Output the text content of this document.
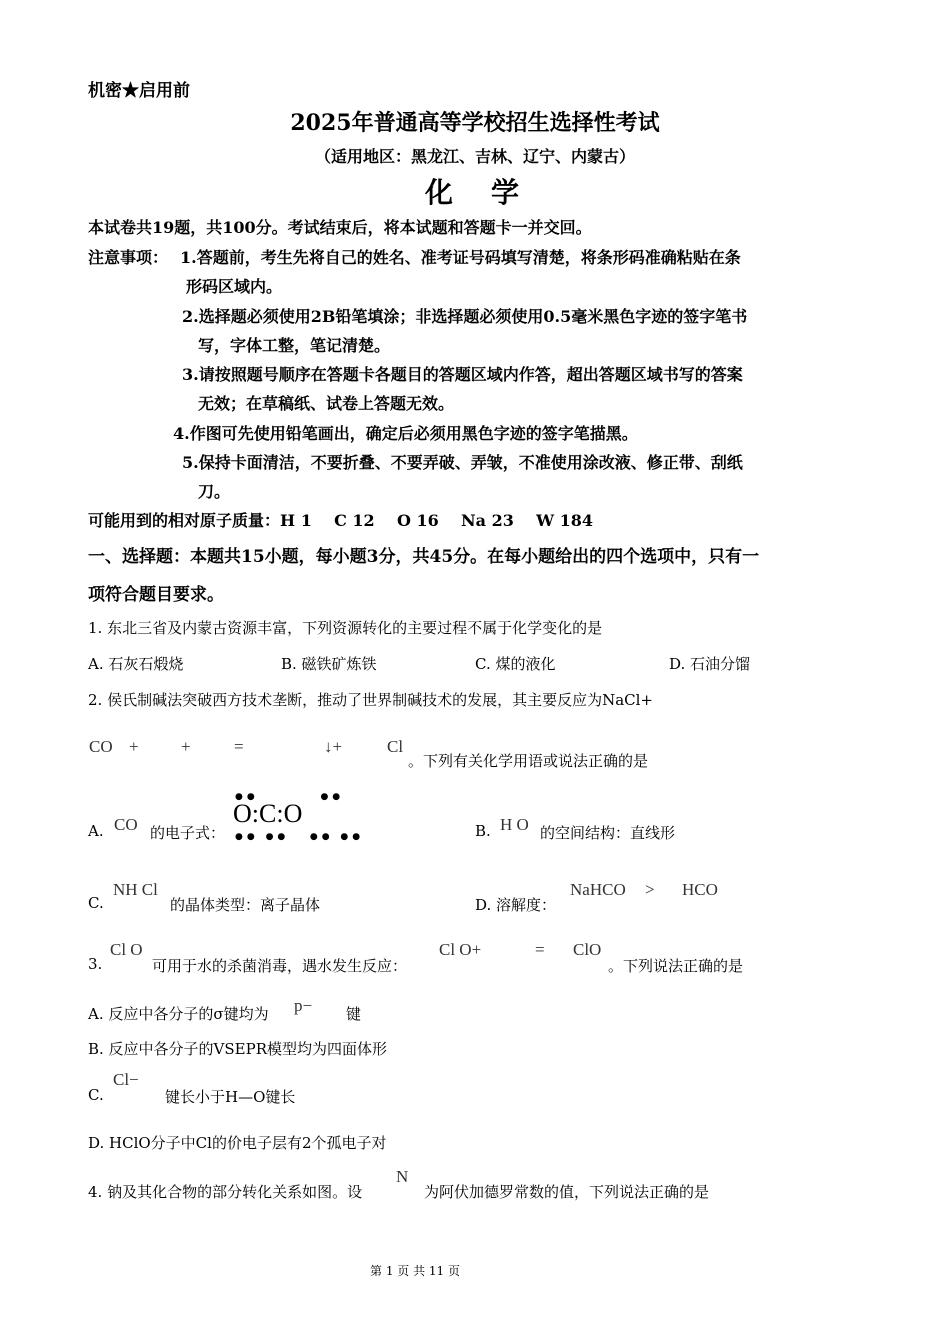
机密★启用前
2025年普通高等学校招生选择性考试
（适用地区：黑龙江、吉林、辽宁、内蒙古）
化学
本试卷共19题，共100分。考试结束后，将本试题和答题卡一并交回。
注意事项： 1.答题前，考生先将自己的姓名、准考证号码填写清楚，将条形码准确粘贴在条
形码区域内。
2.选择题必须使用2B铅笔填涂；非选择题必须使用0.5毫米黑色字迹的签字笔书
写，字体工整，笔记清楚。
3.请按照题号顺序在答题卡各题目的答题区域内作答，超出答题区域书写的答案
无效；在草稿纸、试卷上答题无效。
4.作图可先使用铅笔画出，确定后必须用黑色字迹的签字笔描黑。
5.保持卡面清洁，不要折叠、不要弄破、弄皱，不准使用涂改液、修正带、刮纸
刀。
可能用到的相对原子质量：H 1    C 12    O 16    Na 23    W 184
一、选择题：本题共15小题，每小题3分，共45分。在每小题给出的四个选项中，只有一
项符合题目要求。
1. 东北三省及内蒙古资源丰富，下列资源转化的主要过程不属于化学变化的是
A. 石灰石煅烧	B. 磁铁矿炼铁	C. 煤的液化	D. 石油分馏
2. 侯氏制碱法突破西方技术垄断，推动了世界制碱技术的发展，其主要反应为NaCl+
CO + +	=	↓+	Cl
。下列有关化学用语或说法正确的是
A. CO 的电子式：
●●         ●●
O:C:O
●● ●●   ●● ●●	B. H O 的空间结构：直线形
C.
NH Cl
的晶体类型：离子晶体	D. 溶解度：
NaHCO > HCO
3.
Cl O
可用于水的杀菌消毒，遇水发生反应：
Cl O+	= ClO
。下列说法正确的是
A. 反应中各分子的σ键均为 p− 键
B. 反应中各分子的VSEPR模型均为四面体形
C.
Cl−
键长小于H—O键长
D. HClO分子中Cl的价电子层有2个孤电子对
4. 钠及其化合物的部分转化关系如图。设
N
为阿伏加德罗常数的值，下列说法正确的是
第 1 页 共 11 页
